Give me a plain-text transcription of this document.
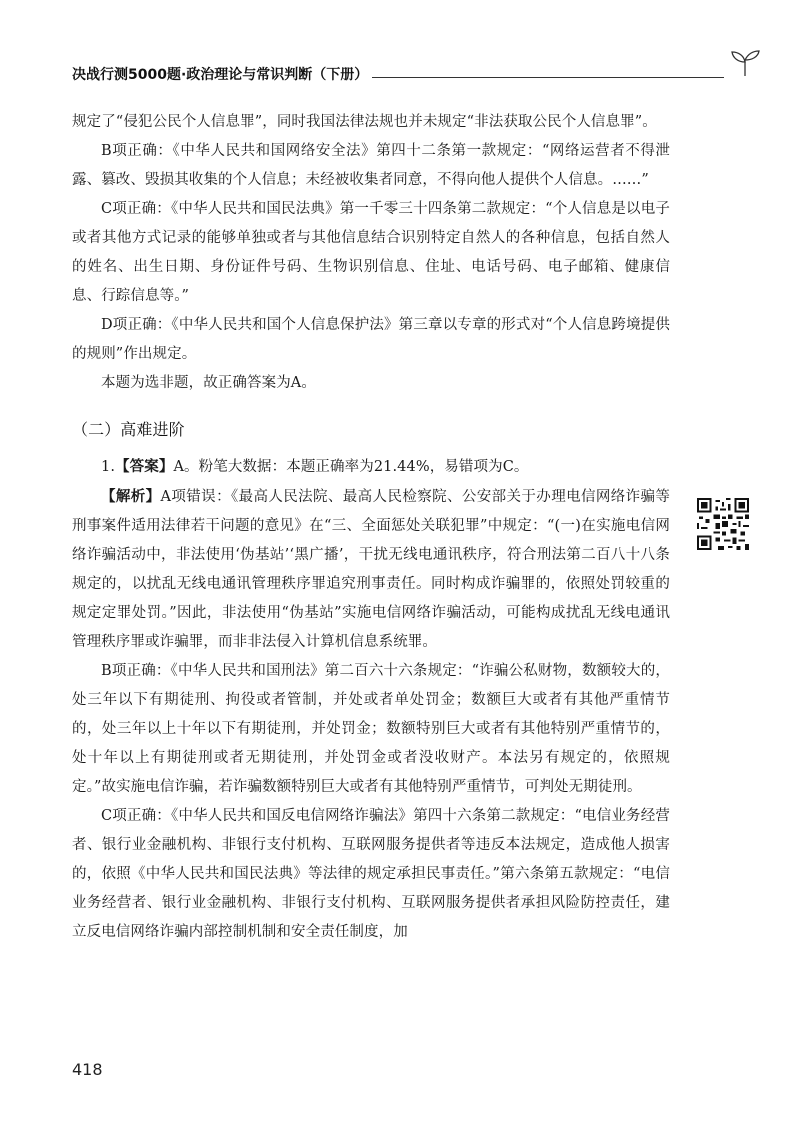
决战行测5000题·政治理论与常识判断（下册）

规定了“侵犯公民个人信息罪”，同时我国法律法规也并未规定“非法获取公民个人信息罪”。

B项正确：《中华人民共和国网络安全法》第四十二条第一款规定：“网络运营者不得泄露、篡改、毁损其收集的个人信息；未经被收集者同意，不得向他人提供个人信息。……”

C项正确：《中华人民共和国民法典》第一千零三十四条第二款规定：“个人信息是以电子或者其他方式记录的能够单独或者与其他信息结合识别特定自然人的各种信息，包括自然人的姓名、出生日期、身份证件号码、生物识别信息、住址、电话号码、电子邮箱、健康信息、行踪信息等。”

D项正确：《中华人民共和国个人信息保护法》第三章以专章的形式对“个人信息跨境提供的规则”作出规定。

本题为选非题，故正确答案为A。

（二）高难进阶

1.【答案】A。粉笔大数据：本题正确率为21.44%，易错项为C。

【解析】A项错误：《最高人民法院、最高人民检察院、公安部关于办理电信网络诈骗等刑事案件适用法律若干问题的意见》在“三、全面惩处关联犯罪”中规定：“(一)在实施电信网络诈骗活动中，非法使用‘伪基站’‘黑广播’，干扰无线电通讯秩序，符合刑法第二百八十八条规定的，以扰乱无线电通讯管理秩序罪追究刑事责任。同时构成诈骗罪的，依照处罚较重的规定定罪处罚。”因此，非法使用“伪基站”实施电信网络诈骗活动，可能构成扰乱无线电通讯管理秩序罪或诈骗罪，而非非法侵入计算机信息系统罪。

B项正确：《中华人民共和国刑法》第二百六十六条规定：“诈骗公私财物，数额较大的，处三年以下有期徒刑、拘役或者管制，并处或者单处罚金；数额巨大或者有其他严重情节的，处三年以上十年以下有期徒刑，并处罚金；数额特别巨大或者有其他特别严重情节的，处十年以上有期徒刑或者无期徒刑，并处罚金或者没收财产。本法另有规定的，依照规定。”故实施电信诈骗，若诈骗数额特别巨大或者有其他特别严重情节，可判处无期徒刑。

C项正确：《中华人民共和国反电信网络诈骗法》第四十六条第二款规定：“电信业务经营者、银行业金融机构、非银行支付机构、互联网服务提供者等违反本法规定，造成他人损害的，依照《中华人民共和国民法典》等法律的规定承担民事责任。”第六条第五款规定：“电信业务经营者、银行业金融机构、非银行支付机构、互联网服务提供者承担风险防控责任，建立反电信网络诈骗内部控制机制和安全责任制度，加

418
